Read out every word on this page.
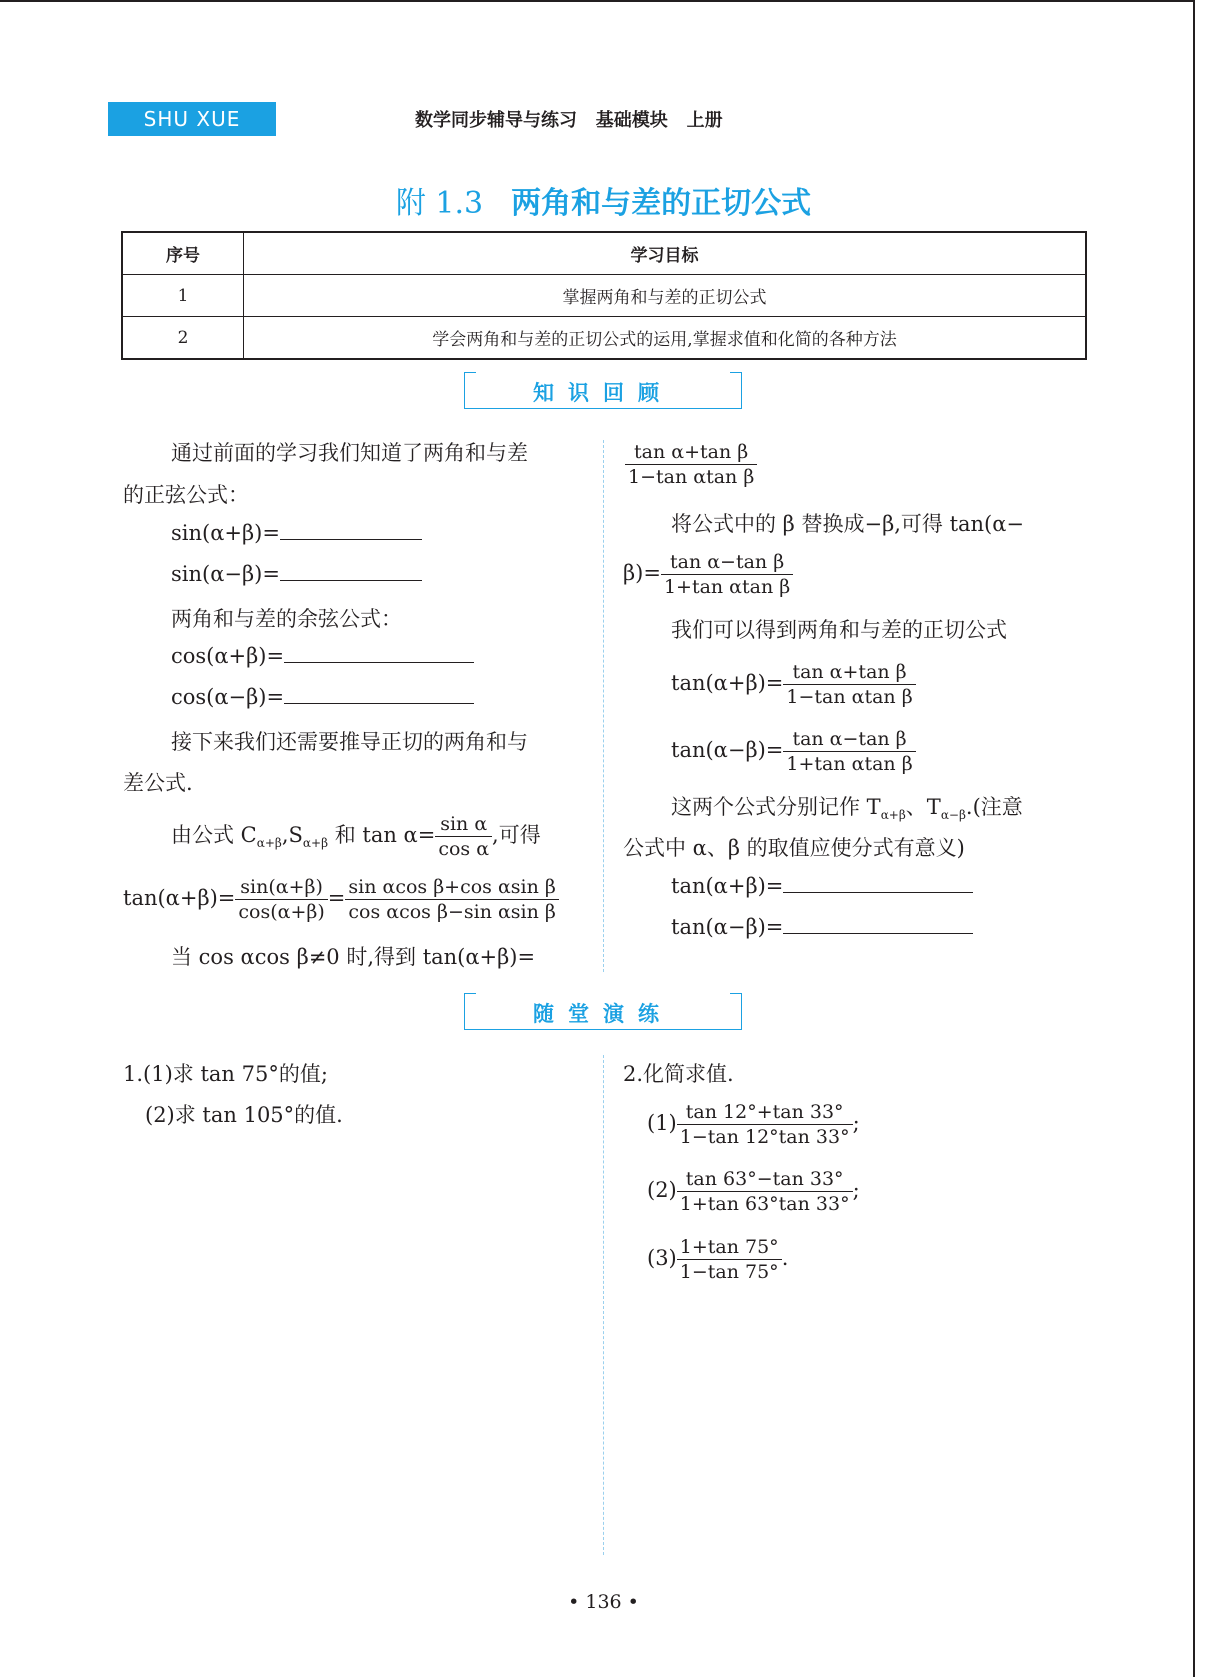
SHU XUE	数学同步辅导与练习   基础模块   上册
附 1.3 两角和与差的正切公式
序号	学习目标
1	掌握两角和与差的正切公式
2	学会两角和与差的正切公式的运用,掌握求值和化简的各种方法
知识回顾
通过前面的学习我们知道了两角和与差
的正弦公式：
sin(α+β)=
sin(α−β)=
两角和与差的余弦公式：
cos(α+β)=
cos(α−β)=
接下来我们还需要推导正切的两角和与
差公式.
由公式 $C_{\alpha+\beta},S_{\alpha+\beta}$ 和 $\tan \alpha= \frac{\text{sin α}}{\text{cos α}}$ ,可得
$\tan(\alpha+\beta)= \frac{\sin(\alpha+\beta)}{\cos(\alpha+\beta)} = \frac{\text{sin αcos β+cos αsin β}}{\text{cos αcos β−sin αsin β}}$
当 cos αcos β≠0 时,得到 tan(α+β)=
$\frac{\text{tan α+tan β}}{\text{1−tan αtan β}}$
将公式中的 β 替换成−β,可得 tan(α−
$\beta)= \frac{\text{tan α−tan β}}{\text{1+tan αtan β}}$
我们可以得到两角和与差的正切公式
$\tan(\alpha+\beta)= \frac{\text{tan α+tan β}}{\text{1−tan αtan β}}$
$\tan(\alpha-\beta)= \frac{\text{tan α−tan β}}{\text{1+tan αtan β}}$
这两个公式分别记作 $T_{\alpha+\beta}$、$T_{\alpha-\beta}$.(注意
公式中 α、β 的取值应使分式有意义)
tan(α+β)=
tan(α−β)=
随堂演练
1.(1)求 tan 75°的值;
(2)求 tan 105°的值.
2.化简求值.
$(1) \frac{\tan 12^\circ+\tan 33^\circ}{1-\tan 12^\circ\tan 33^\circ}$ ;
$(2) \frac{\tan 63^\circ-\tan 33^\circ}{1+\tan 63^\circ\tan 33^\circ}$ ;
$(3) \frac{1+\tan 75^\circ}{1-\tan 75^\circ}$ .
• 136 •
